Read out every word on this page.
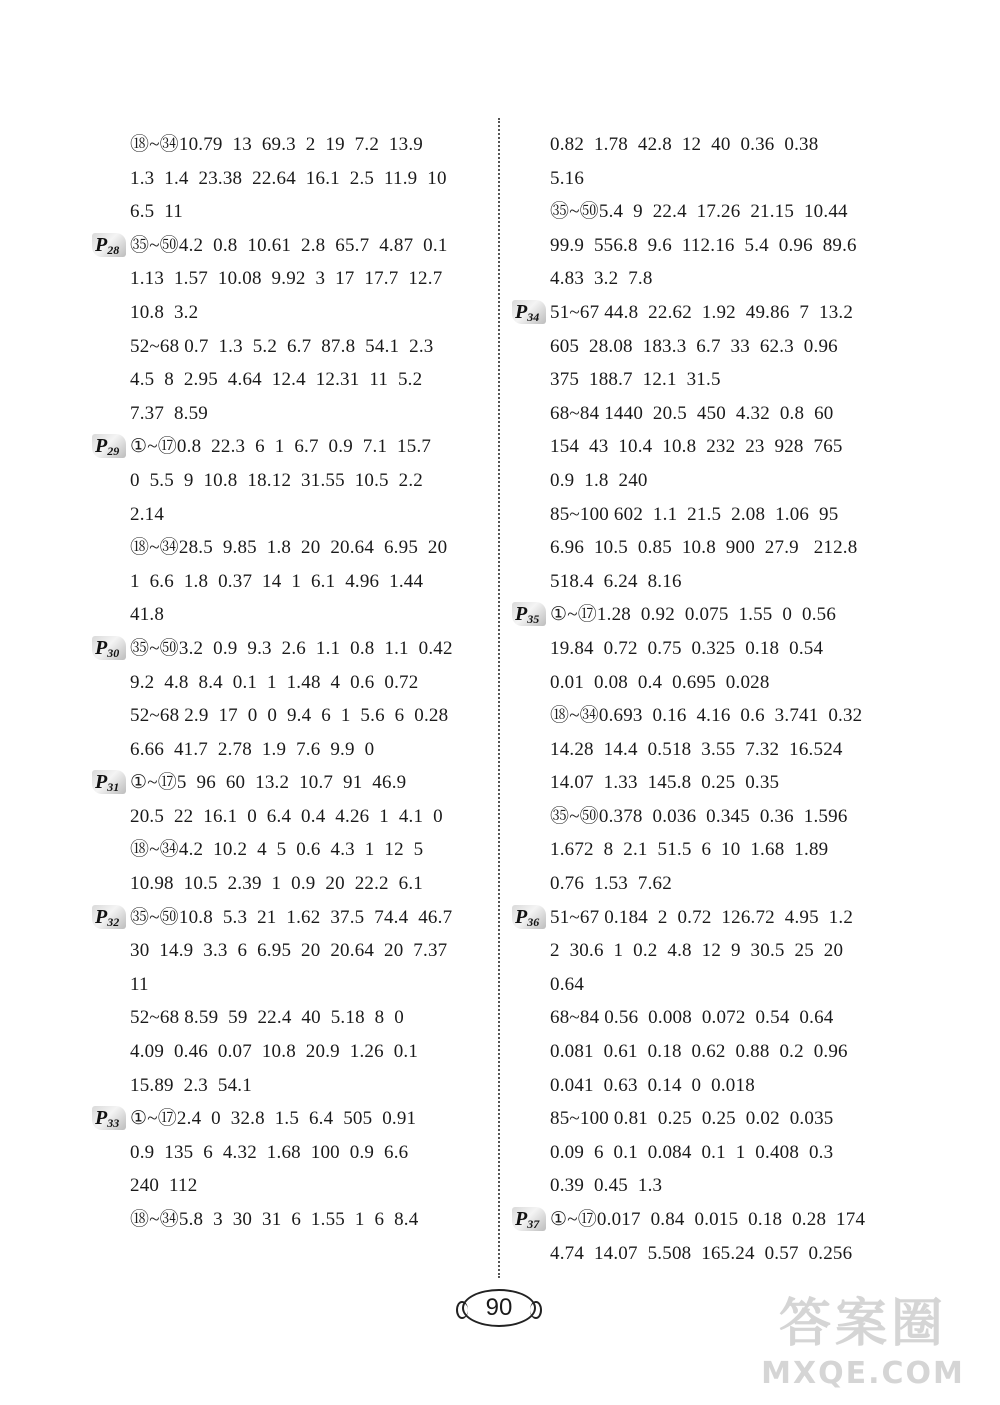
⑱~㉞10.79  13  69.3  2  19  7.2  13.9
1.3  1.4  23.38  22.64  16.1  2.5  11.9  10
6.5  11
$P_{28}$ ㉟~㊿4.2  0.8  10.61  2.8  65.7  4.87  0.1
1.13  1.57  10.08  9.92  3  17  17.7  12.7
10.8  3.2
52~68 0.7  1.3  5.2  6.7  87.8  54.1  2.3
4.5  8  2.95  4.64  12.4  12.31  11  5.2
7.37  8.59
$P_{29}$ ①~⑰0.8  22.3  6  1  6.7  0.9  7.1  15.7
0  5.5  9  10.8  18.12  31.55  10.5  2.2
2.14
⑱~㉞28.5  9.85  1.8  20  20.64  6.95  20
1  6.6  1.8  0.37  14  1  6.1  4.96  1.44
41.8
$P_{30}$ ㉟~㊿3.2  0.9  9.3  2.6  1.1  0.8  1.1  0.42
9.2  4.8  8.4  0.1  1  1.48  4  0.6  0.72
52~68 2.9  17  0  0  9.4  6  1  5.6  6  0.28
6.66  41.7  2.78  1.9  7.6  9.9  0
$P_{31}$ ①~⑰5  96  60  13.2  10.7  91  46.9
20.5  22  16.1  0  6.4  0.4  4.26  1  4.1  0
⑱~㉞4.2  10.2  4  5  0.6  4.3  1  12  5
10.98  10.5  2.39  1  0.9  20  22.2  6.1
$P_{32}$ ㉟~㊿10.8  5.3  21  1.62  37.5  74.4  46.7
30  14.9  3.3  6  6.95  20  20.64  20  7.37
11
52~68 8.59  59  22.4  40  5.18  8  0
4.09  0.46  0.07  10.8  20.9  1.26  0.1
15.89  2.3  54.1
$P_{33}$ ①~⑰2.4  0  32.8  1.5  6.4  505  0.91
0.9  135  6  4.32  1.68  100  0.9  6.6
240  112
⑱~㉞5.8  3  30  31  6  1.55  1  6  8.4
0.82  1.78  42.8  12  40  0.36  0.38
5.16
㉟~㊿5.4  9  22.4  17.26  21.15  10.44
99.9  556.8  9.6  112.16  5.4  0.96  89.6
4.83  3.2  7.8
$P_{34}$ 51~67 44.8  22.62  1.92  49.86  7  13.2
605  28.08  183.3  6.7  33  62.3  0.96
375  188.7  12.1  31.5
68~84 1440  20.5  450  4.32  0.8  60
154  43  10.4  10.8  232  23  928  765
0.9  1.8  240
85~100 602  1.1  21.5  2.08  1.06  95
6.96  10.5  0.85  10.8  900  27.9   212.8
518.4  6.24  8.16
$P_{35}$ ①~⑰1.28  0.92  0.075  1.55  0  0.56
19.84  0.72  0.75  0.325  0.18  0.54
0.01  0.08  0.4  0.695  0.028
⑱~㉞0.693  0.16  4.16  0.6  3.741  0.32
14.28  14.4  0.518  3.55  7.32  16.524
14.07  1.33  145.8  0.25  0.35
㉟~㊿0.378  0.036  0.345  0.36  1.596
1.672  8  2.1  51.5  6  10  1.68  1.89
0.76  1.53  7.62
$P_{36}$ 51~67 0.184  2  0.72  126.72  4.95  1.2
2  30.6  1  0.2  4.8  12  9  30.5  25  20
0.64
68~84 0.56  0.008  0.072  0.54  0.64
0.081  0.61  0.18  0.62  0.88  0.2  0.96
0.041  0.63  0.14  0  0.018
85~100 0.81  0.25  0.25  0.02  0.035
0.09  6  0.1  0.084  0.1  1  0.408  0.3
0.39  0.45  1.3
$P_{37}$ ①~⑰0.017  0.84  0.015  0.18  0.28  174
4.74  14.07  5.508  165.24  0.57  0.256
90	答案圈
MXQE.COM
